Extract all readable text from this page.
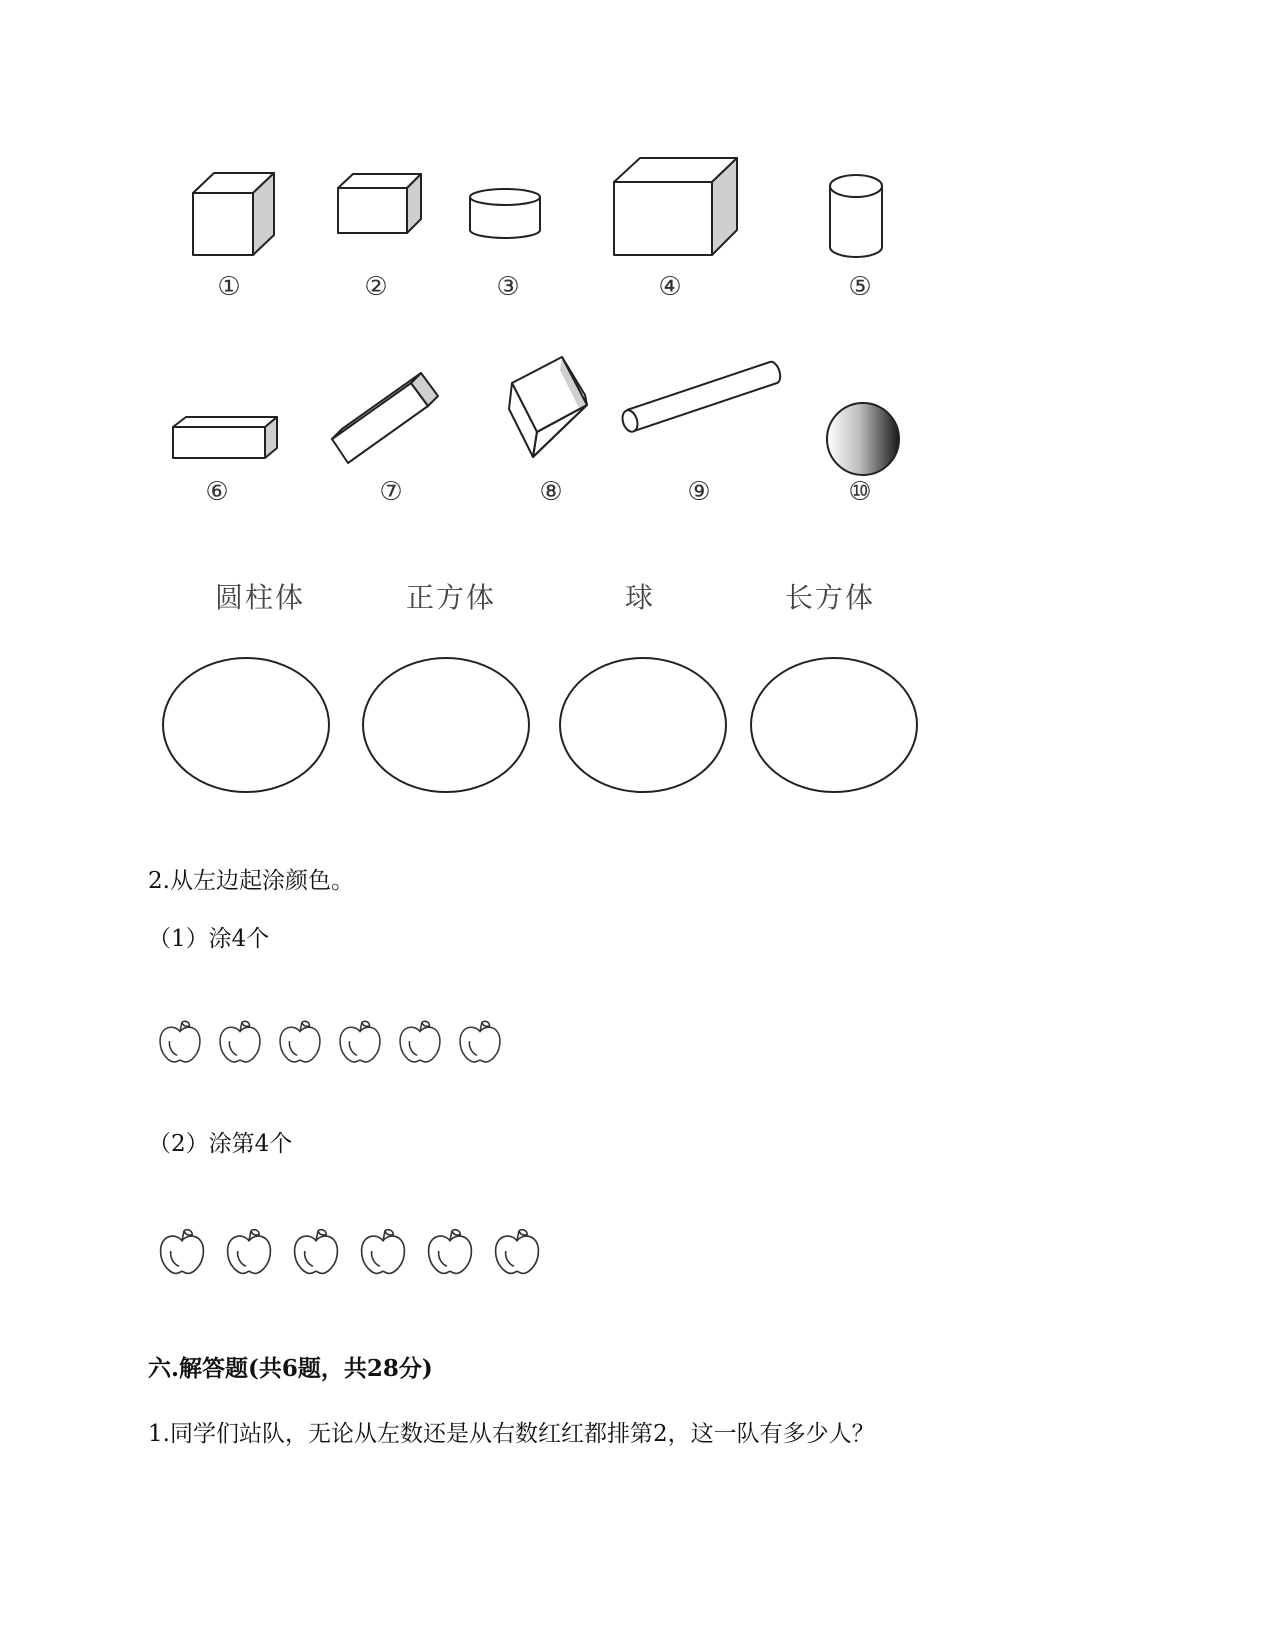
①	②	③	④	⑤
⑥	⑦	⑧	⑨	⑩
圆柱体	正方体	球	长方体
2.从左边起涂颜色。
（1）涂4个
（2）涂第4个
六.解答题(共6题，共28分)
1.同学们站队，无论从左数还是从右数红红都排第2，这一队有多少人？
